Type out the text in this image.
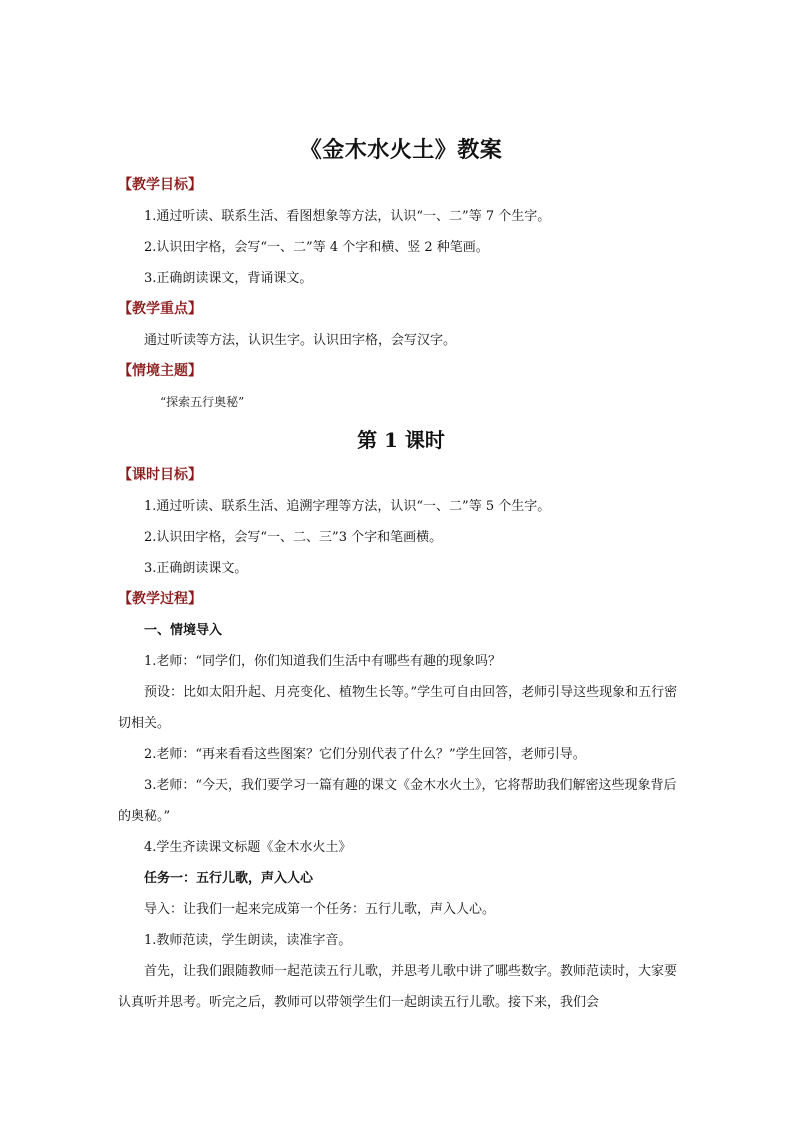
《金木水火土》教案

【教学目标】

1.通过听读、联系生活、看图想象等方法，认识“一、二”等 7 个生字。

2.认识田字格，会写“一、二”等 4 个字和横、竖 2 种笔画。

3.正确朗读课文，背诵课文。

【教学重点】

通过听读等方法，认识生字。认识田字格，会写汉字。

【情境主题】

“探索五行奥秘”

第 1 课时

【课时目标】

1.通过听读、联系生活、追溯字理等方法，认识“一、二”等 5 个生字。

2.认识田字格，会写“一、二、三”3 个字和笔画横。

3.正确朗读课文。

【教学过程】

一、情境导入

1.老师：“同学们，你们知道我们生活中有哪些有趣的现象吗？

预设：比如太阳升起、月亮变化、植物生长等。”学生可自由回答，老师引导这些现象和五行密切相关。

2.老师：“再来看看这些图案？它们分别代表了什么？”学生回答，老师引导。

3.老师：“今天，我们要学习一篇有趣的课文《金木水火土》，它将帮助我们解密这些现象背后的奥秘。”

4.学生齐读课文标题《金木水火土》

任务一：五行儿歌，声入人心

导入：让我们一起来完成第一个任务：五行儿歌，声入人心。

1.教师范读，学生朗读，读准字音。

首先，让我们跟随教师一起范读五行儿歌，并思考儿歌中讲了哪些数字。教师范读时，大家要认真听并思考。听完之后，教师可以带领学生们一起朗读五行儿歌。接下来，我们会
